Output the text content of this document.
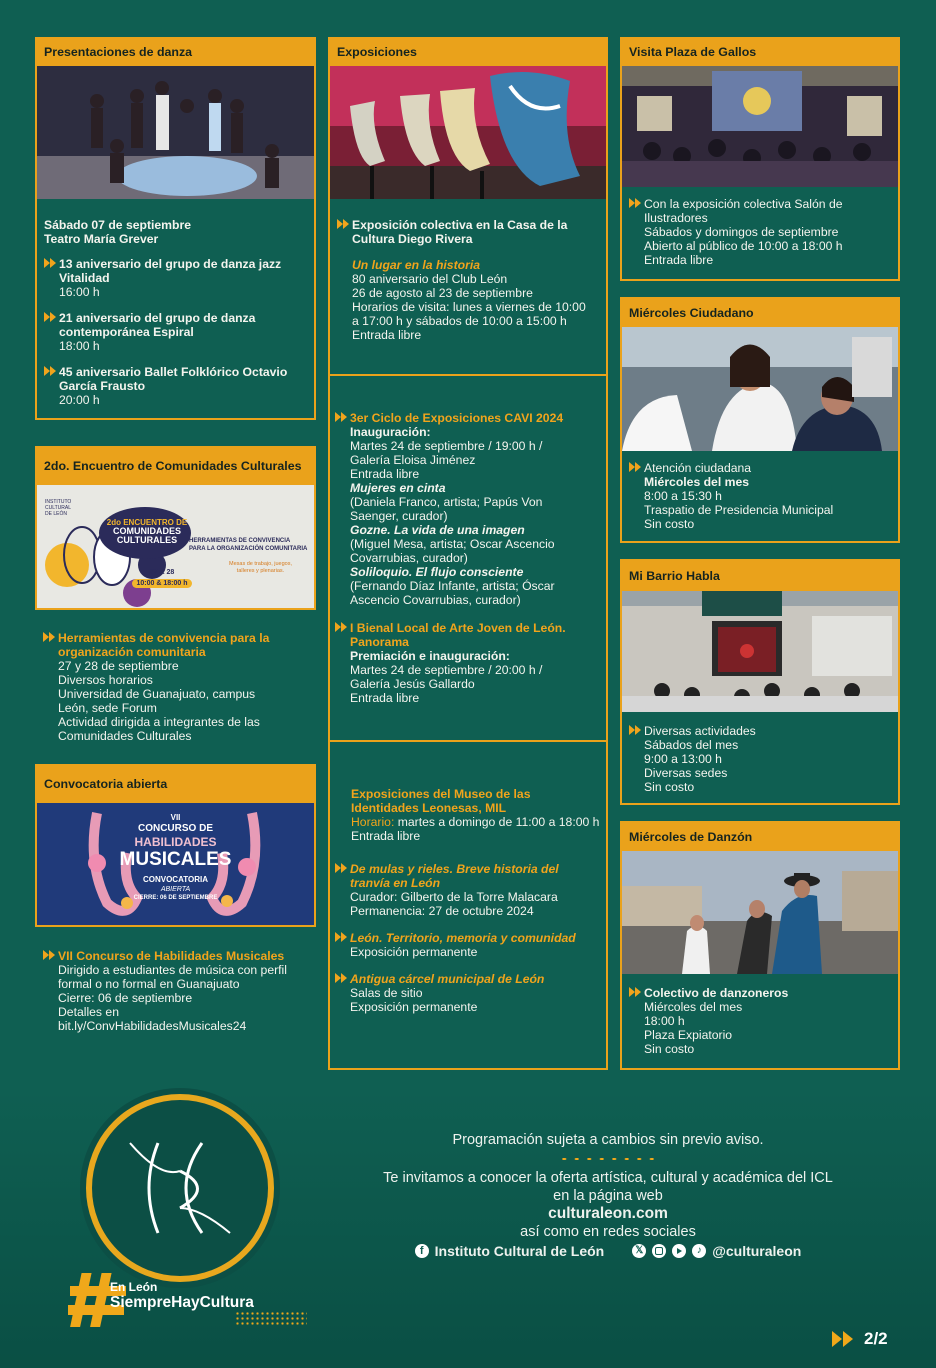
Presentaciones de danza

Sábado 07 de septiembre

Teatro María Grever

13 aniversario del grupo de danza jazz

Vitalidad

16:00 h

21 aniversario del grupo de danza

contemporánea Espiral

18:00 h

45 aniversario Ballet Folklórico Octavio

García Frausto

20:00 h

2do. Encuentro de Comunidades Culturales

INSTITUTO

CULTURAL

DE LEÓN

2do ENCUENTRO DE

COMUNIDADES

CULTURALES	HERRAMIENTAS DE CONVIVENCIA

PARA LA ORGANIZACIÓN COMUNITARIA

Mesas de trabajo, juegos,

talleres y plenarias.

27 & 28

10:00 & 18:00 h

Herramientas de convivencia para la

organización comunitaria

27 y 28 de septiembre

Diversos horarios

Universidad de Guanajuato, campus

León, sede Forum

Actividad dirigida a integrantes de las

Comunidades Culturales

Convocatoria abierta

VII

CONCURSO DE

HABILIDADES

MUSICALES

CONVOCATORIA

ABIERTA

CIERRE: 06 DE SEPTIEMBRE

VII Concurso de Habilidades Musicales

Dirigido a estudiantes de música con perfil

formal o no formal en Guanajuato

Cierre: 06 de septiembre

Detalles en

bit.ly/ConvHabilidadesMusicales24

Exposiciones

Exposición colectiva en la Casa de la

Cultura Diego Rivera

Un lugar en la historia

80 aniversario del Club León

26 de agosto al 23 de septiembre

Horarios de visita: lunes a viernes de 10:00

a 17:00 h y sábados de 10:00 a 15:00 h

Entrada libre

3er Ciclo de Exposiciones CAVI 2024

Inauguración:

Martes 24 de septiembre / 19:00 h /

Galería Eloisa Jiménez

Entrada libre

Mujeres en cinta

(Daniela Franco, artista; Papús Von

Saenger, curador)

Gozne. La vida de una imagen

(Miguel Mesa, artista; Oscar Ascencio

Covarrubias, curador)

Soliloquio. El flujo consciente

(Fernando Díaz Infante, artista; Óscar

Ascencio Covarrubias, curador)

I Bienal Local de Arte Joven de León.

Panorama

Premiación e inauguración:

Martes 24 de septiembre / 20:00 h /

Galería Jesús Gallardo

Entrada libre

Exposiciones del Museo de las

Identidades Leonesas, MIL

Horario: martes a domingo de 11:00 a 18:00 h

Entrada libre

De mulas y rieles. Breve historia del

tranvía en León

Curador: Gilberto de la Torre Malacara

Permanencia: 27 de octubre 2024

León. Territorio, memoria y comunidad

Exposición permanente

Antigua cárcel municipal de León

Salas de sitio

Exposición permanente

Visita Plaza de Gallos

Con la exposición colectiva Salón de

Ilustradores

Sábados y domingos de septiembre

Abierto al público de 10:00 a 18:00 h

Entrada libre

Miércoles Ciudadano

Atención ciudadana

Miércoles del mes

8:00 a 15:30 h

Traspatio de Presidencia Municipal

Sin costo

Mi Barrio Habla

Diversas actividades

Sábados del mes

9:00 a 13:00 h

Diversas sedes

Sin costo

Miércoles de Danzón

Colectivo de danzoneros

Miércoles del mes

18:00 h

Plaza Expiatorio

Sin costo

En León

SiempreHayCultura

Programación sujeta a cambios sin previo aviso.

Te invitamos a conocer la oferta artística, cultural y académica del ICL

en la página web

culturaleon.com

así como en redes sociales

f Instituto Cultural de León	𝕏	♪ @culturaleon
2/2
